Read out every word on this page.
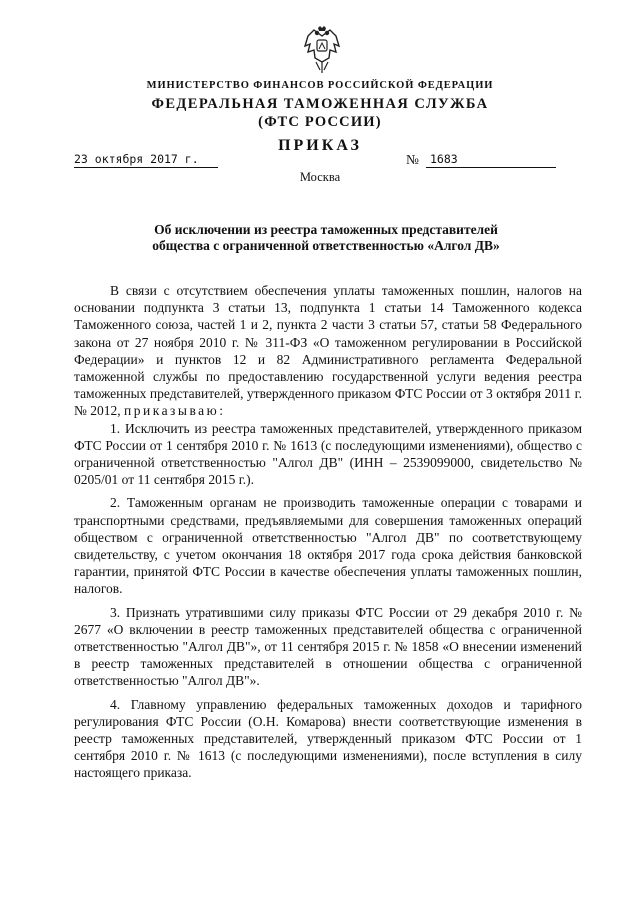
МИНИСТЕРСТВО ФИНАНСОВ РОССИЙСКОЙ ФЕДЕРАЦИИ
ФЕДЕРАЛЬНАЯ ТАМОЖЕННАЯ СЛУЖБА
(ФТС РОССИИ)
ПРИКАЗ
23 октября 2017 г.	№ 1683
Москва
Об исключении из реестра таможенных представителей
общества с ограниченной ответственностью «Алгол ДВ»

В связи с отсутствием обеспечения уплаты таможенных пошлин, налогов на основании подпункта 3 статьи 13, подпункта 1 статьи 14 Таможенного кодекса Таможенного союза, частей 1 и 2, пункта 2 части 3 статьи 57, статьи 58 Федерального закона от 27 ноября 2010 г. № 311-ФЗ «О таможенном регулировании в Российской Федерации» и пунктов 12 и 82 Административного регламента Федеральной таможенной службы по предоставлению государственной услуги ведения реестра таможенных представителей, утвержденного приказом ФТС России от 3 октября 2011 г. № 2012, приказываю:

1. Исключить из реестра таможенных представителей, утвержденного приказом ФТС России от 1 сентября 2010 г. № 1613 (с последующими изменениями), общество с ограниченной ответственностью "Алгол ДВ" (ИНН – 2539099000, свидетельство № 0205/01 от 11 сентября 2015 г.).

2. Таможенным органам не производить таможенные операции с товарами и транспортными средствами, предъявляемыми для совершения таможенных операций обществом с ограниченной ответственностью "Алгол ДВ" по соответствующему свидетельству, с учетом окончания 18 октября 2017 года срока действия банковской гарантии, принятой ФТС России в качестве обеспечения уплаты таможенных пошлин, налогов.

3. Признать утратившими силу приказы ФТС России от 29 декабря 2010 г. № 2677 «О включении в реестр таможенных представителей общества с ограниченной ответственностью "Алгол ДВ"», от 11 сентября 2015 г. № 1858 «О внесении изменений в реестр таможенных представителей в отношении общества с ограниченной ответственностью "Алгол ДВ"».

4. Главному управлению федеральных таможенных доходов и тарифного регулирования ФТС России (О.Н. Комарова) внести соответствующие изменения в реестр таможенных представителей, утвержденный приказом ФТС России от 1 сентября 2010 г. № 1613 (с последующими изменениями), после вступления в силу настоящего приказа.
